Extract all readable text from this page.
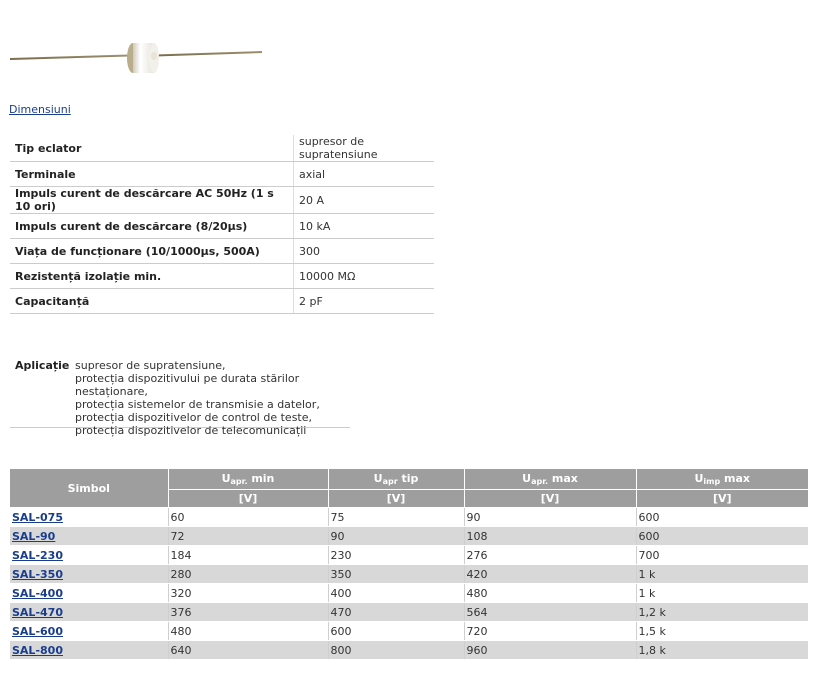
Dimensiuni
Tip eclator	supresor de supratensiune
Terminale	axial
Impuls curent de descărcare AC 50Hz (1 s 10 ori)	20 A
Impuls curent de descărcare (8/20µs)	10 kA
Viața de funcționare (10/1000µs, 500A)	300
Rezistență izolație min.	10000 MΩ
Capacitanță	2 pF
Aplicație supresor de supratensiune,
protecția dispozitivului pe durata stărilor nestaționare,
protecția sistemelor de transmisie a datelor,
protecția dispozitivelor de control de teste,
protecția dispozitivelor de telecomunicații
Simbol	$U_{apr.}$ min	$U_{apr}$ tip	$U_{apr.}$ max	$U_{imp}$ max
	[V]	[V]	[V]	[V]
SAL-075	60	75	90	600
SAL-90	72	90	108	600
SAL-230	184	230	276	700
SAL-350	280	350	420	1 k
SAL-400	320	400	480	1 k
SAL-470	376	470	564	1,2 k
SAL-600	480	600	720	1,5 k
SAL-800	640	800	960	1,8 k
